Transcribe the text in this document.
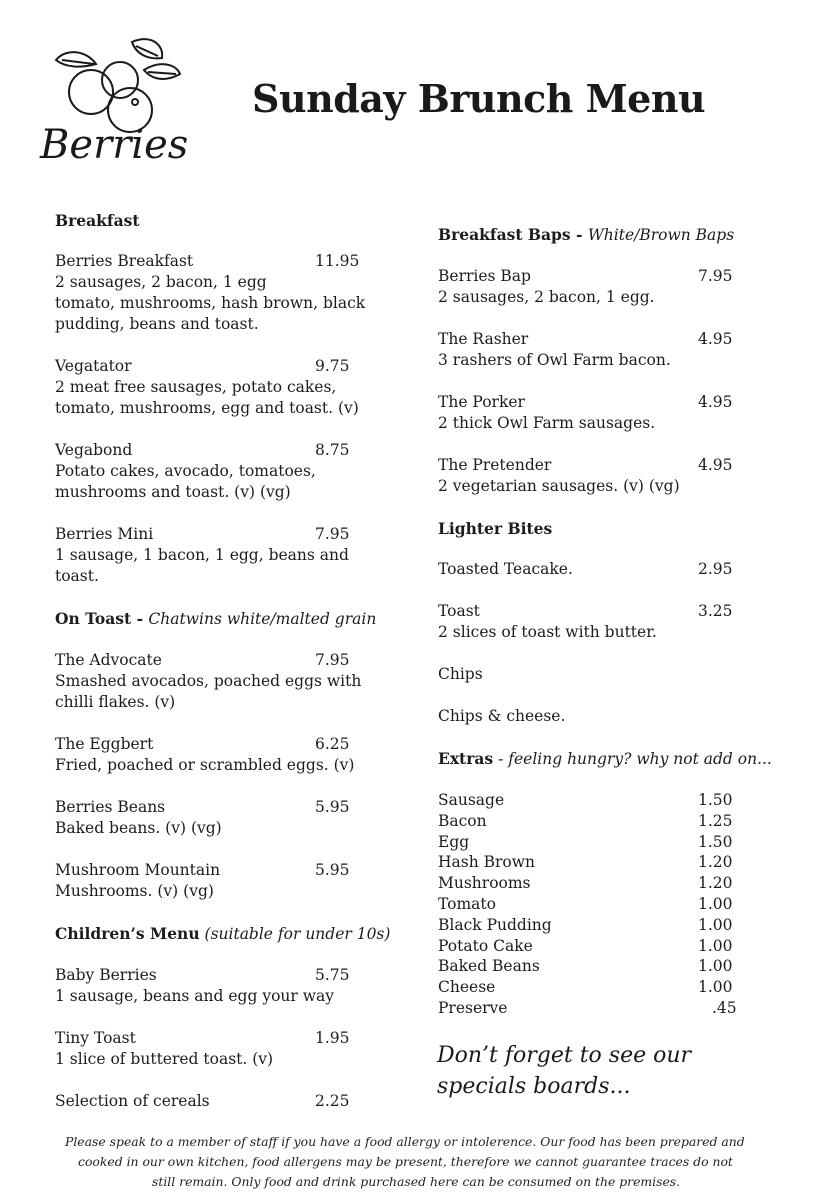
Berries
Sunday Brunch Menu
Breakfast
Berries Breakfast	11.95
2 sausages, 2 bacon, 1 egg
tomato, mushrooms, hash brown, black
pudding, beans and toast.
Vegatator	9.75
2 meat free sausages, potato cakes,
tomato, mushrooms, egg and toast. (v)
Vegabond	8.75
Potato cakes, avocado, tomatoes,
mushrooms and toast. (v) (vg)
Berries Mini	7.95
1 sausage, 1 bacon, 1 egg, beans and
toast.
On Toast - Chatwins white/malted grain
The Advocate	7.95
Smashed avocados, poached eggs with
chilli flakes. (v)
The Eggbert	6.25
Fried, poached or scrambled eggs. (v)
Berries Beans	5.95
Baked beans. (v) (vg)
Mushroom Mountain	5.95
Mushrooms. (v) (vg)
Children’s Menu (suitable for under 10s)
Baby Berries	5.75
1 sausage, beans and egg your way
Tiny Toast	1.95
1 slice of buttered toast. (v)
Selection of cereals	2.25
Breakfast Baps - White/Brown Baps
Berries Bap	7.95
2 sausages, 2 bacon, 1 egg.
The Rasher	4.95
3 rashers of Owl Farm bacon.
The Porker	4.95
2 thick Owl Farm sausages.
The Pretender	4.95
2 vegetarian sausages. (v) (vg)
Lighter Bites
Toasted Teacake.	2.95
Toast	3.25
2 slices of toast with butter.
Chips
Chips & cheese.
Extras - feeling hungry? why not add on...
Sausage	1.50
Bacon	1.25
Egg	1.50
Hash Brown	1.20
Mushrooms	1.20
Tomato	1.00
Black Pudding	1.00
Potato Cake	1.00
Baked Beans	1.00
Cheese	1.00
Preserve	.45
Don’t forget to see our
specials boards...
Please speak to a member of staff if you have a food allergy or intolerence. Our food has been prepared and
cooked in our own kitchen, food allergens may be present, therefore we cannot guarantee traces do not
still remain. Only food and drink purchased here can be consumed on the premises.
